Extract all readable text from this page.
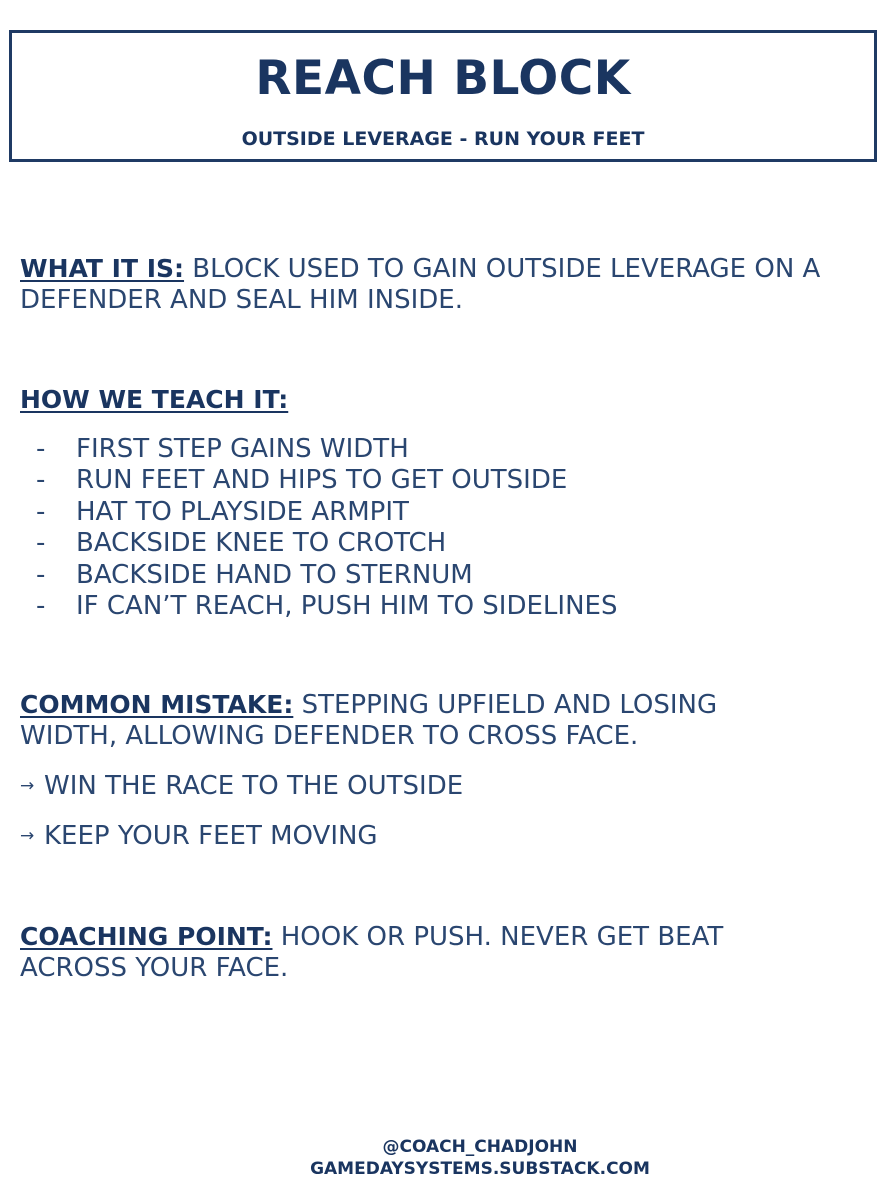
REACH BLOCK
OUTSIDE LEVERAGE - RUN YOUR FEET
WHAT IT IS: BLOCK USED TO GAIN OUTSIDE LEVERAGE ON A DEFENDER AND SEAL HIM INSIDE.
HOW WE TEACH IT:
-	FIRST STEP GAINS WIDTH
-	RUN FEET AND HIPS TO GET OUTSIDE
-	HAT TO PLAYSIDE ARMPIT
-	BACKSIDE KNEE TO CROTCH
-	BACKSIDE HAND TO STERNUM
-	IF CAN’T REACH, PUSH HIM TO SIDELINES
COMMON MISTAKE: STEPPING UPFIELD AND LOSING WIDTH, ALLOWING DEFENDER TO CROSS FACE.
→ WIN THE RACE TO THE OUTSIDE
→ KEEP YOUR FEET MOVING
COACHING POINT: HOOK OR PUSH. NEVER GET BEAT ACROSS YOUR FACE.
@COACH_CHADJOHN
GAMEDAYSYSTEMS.SUBSTACK.COM
